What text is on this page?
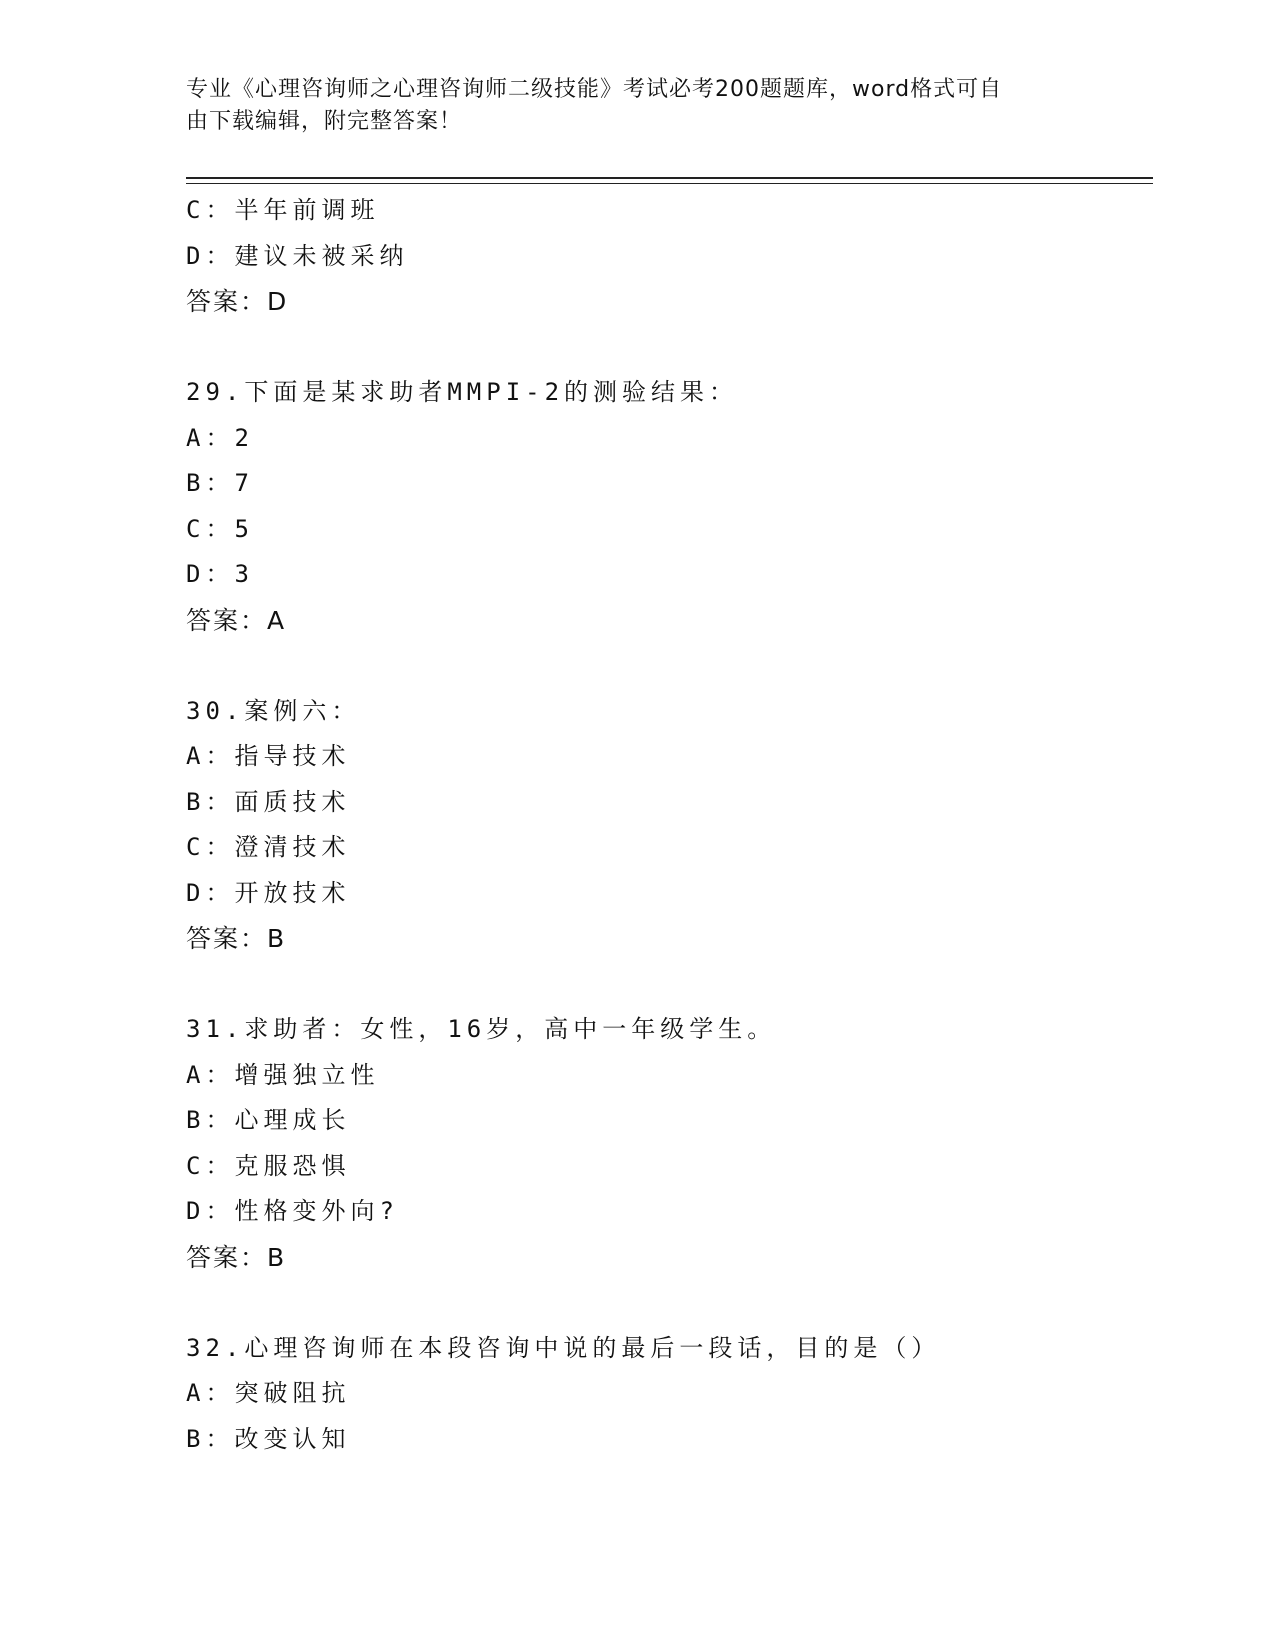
专业《心理咨询师之心理咨询师二级技能》考试必考200题题库，word格式可自
由下载编辑，附完整答案！
C：半年前调班
D：建议未被采纳
答案：D
29.下面是某求助者MMPI-2的测验结果：
A：2
B：7
C：5
D：3
答案：A
30.案例六：
A：指导技术
B：面质技术
C：澄清技术
D：开放技术
答案：B
31.求助者：女性，16岁，高中一年级学生。
A：增强独立性
B：心理成长
C：克服恐惧
D：性格变外向?
答案：B
32.心理咨询师在本段咨询中说的最后一段话，目的是（）
A：突破阻抗
B：改变认知
